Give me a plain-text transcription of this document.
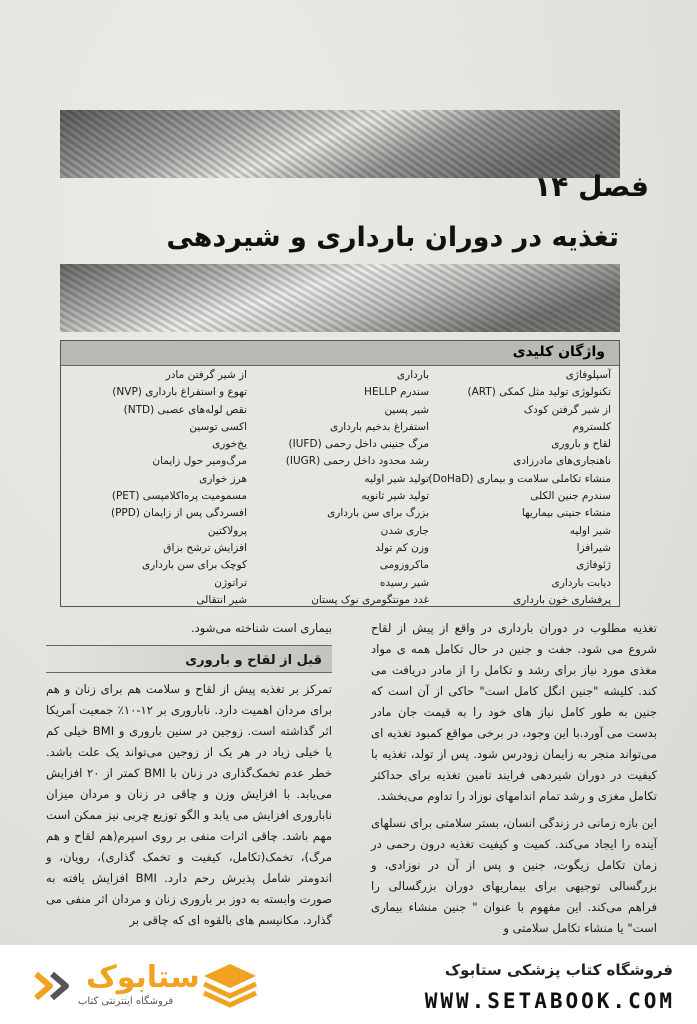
فصل ۱۴
تغذیه در دوران بارداری و شیردهی
واژگان کلیدی
آسپلوفاژی
تکنولوژی تولید مثل کمکی (ART)
از شیر گرفتن کودک
کلستروم
لقاح و باروری
ناهنجاری‌های مادرزادی
منشاء تکاملی سلامت و بیماری (DoHaD)
سندرم جنین الکلی
منشاء جنینی بیماریها
شیر اولیه
شیرافزا
ژئوفاژی
دیابت بارداری
پرفشاری خون بارداری
بارداری
سندرم HELLP
شیر پسین
استفراغ بدخیم بارداری
مرگ جنینی داخل رحمی (IUFD)
رشد محدود داخل رحمی (IUGR)
تولید شیر اولیه
تولید شیر ثانویه
بزرگ برای سن بارداری
جاری شدن
وزن کم تولد
ماکروزومی
شیر رسیده
غدد مونتگومری نوک پستان
از شیر گرفتن مادر
تهوع و استفراغ بارداری (NVP)
نقص لوله‌های عصبی (NTD)
اکسی توسین
یخ‌خوری
مرگ‌ومیر حول زایمان
هرز خواری
مسمومیت پره‌اکلامپسی (PET)
افسردگی پس از زایمان (PPD)
پرولاکتین
افزایش ترشح بزاق
کوچک برای سن بارداری
تراتوژن
شیر انتقالی

تغذیه مطلوب در دوران بارداری در واقع از پیش از لقاح شروع می شود. جفت و جنین در حال تکامل همه ی مواد مغذی مورد نیاز برای رشد و تکامل را از مادر دریافت می کند. کلیشه "جنین انگل کامل است" حاکی از آن است که جنین به طور کامل نیاز های خود را به قیمت جان مادر بدست می آورد.با این وجود، در برخی مواقع کمبود تغذیه ای می‌تواند منجر به زایمان زودرس شود. پس از تولد، تغذیه با کیفیت در دوران شیردهی فرایند تامین تغذیه برای حداکثر تکامل مغزی و رشد تمام اندامهای نوزاد را تداوم می‌بخشد.

این بازه زمانی در زندگی انسان، بستر سلامتی برای نسلهای آینده را ایجاد می‌کند. کمیت و کیفیت تغذیه درون رحمی در زمان تکامل زیگوت، جنین و پس از آن در نوزادی، و بزرگسالی توجیهی برای بیماریهای دوران بزرگسالی را فراهم می‌کند. این مفهوم با عنوان " جنین منشاء بیماری است" یا منشاء تکامل سلامتی و

بیماری است شناخته می‌شود.

قبل از لقاح و باروری

تمرکز بر تغذیه پیش از لقاح و سلامت هم برای زنان و هم برای مردان اهمیت دارد. ناباروری بر ۱۲-۱۰٪ جمعیت آمریکا اثر گذاشته است. زوجین در سنین باروری و BMI خیلی کم یا خیلی زیاد در هر یک از زوجین می‌تواند یک علت باشد. خطر عدم تخمک‌گذاری در زنان با BMI کمتر از ۲۰ افزایش می‌یابد. با افزایش وزن و چاقی در زنان و مردان میزان ناباروری افزایش می یابد و الگو توزیع چربی نیز ممکن است مهم باشد. چاقی اثرات منفی بر روی اسپرم(هم لقاح و هم مرگ)، تخمک(تکامل، کیفیت و تخمک گذاری)، رویان، و اندومتر شامل پذیرش رحم دارد. BMI افزایش یافته به صورت وابسته به دوز بر باروری زنان و مردان اثر منفی می گذارد. مکانیسم های بالقوه ای که چاقی بر

ستابوک
فروشگاه اینترنتی کتاب
فروشگاه کتاب پزشکی ستابوک
WWW.SETABOOK.COM
